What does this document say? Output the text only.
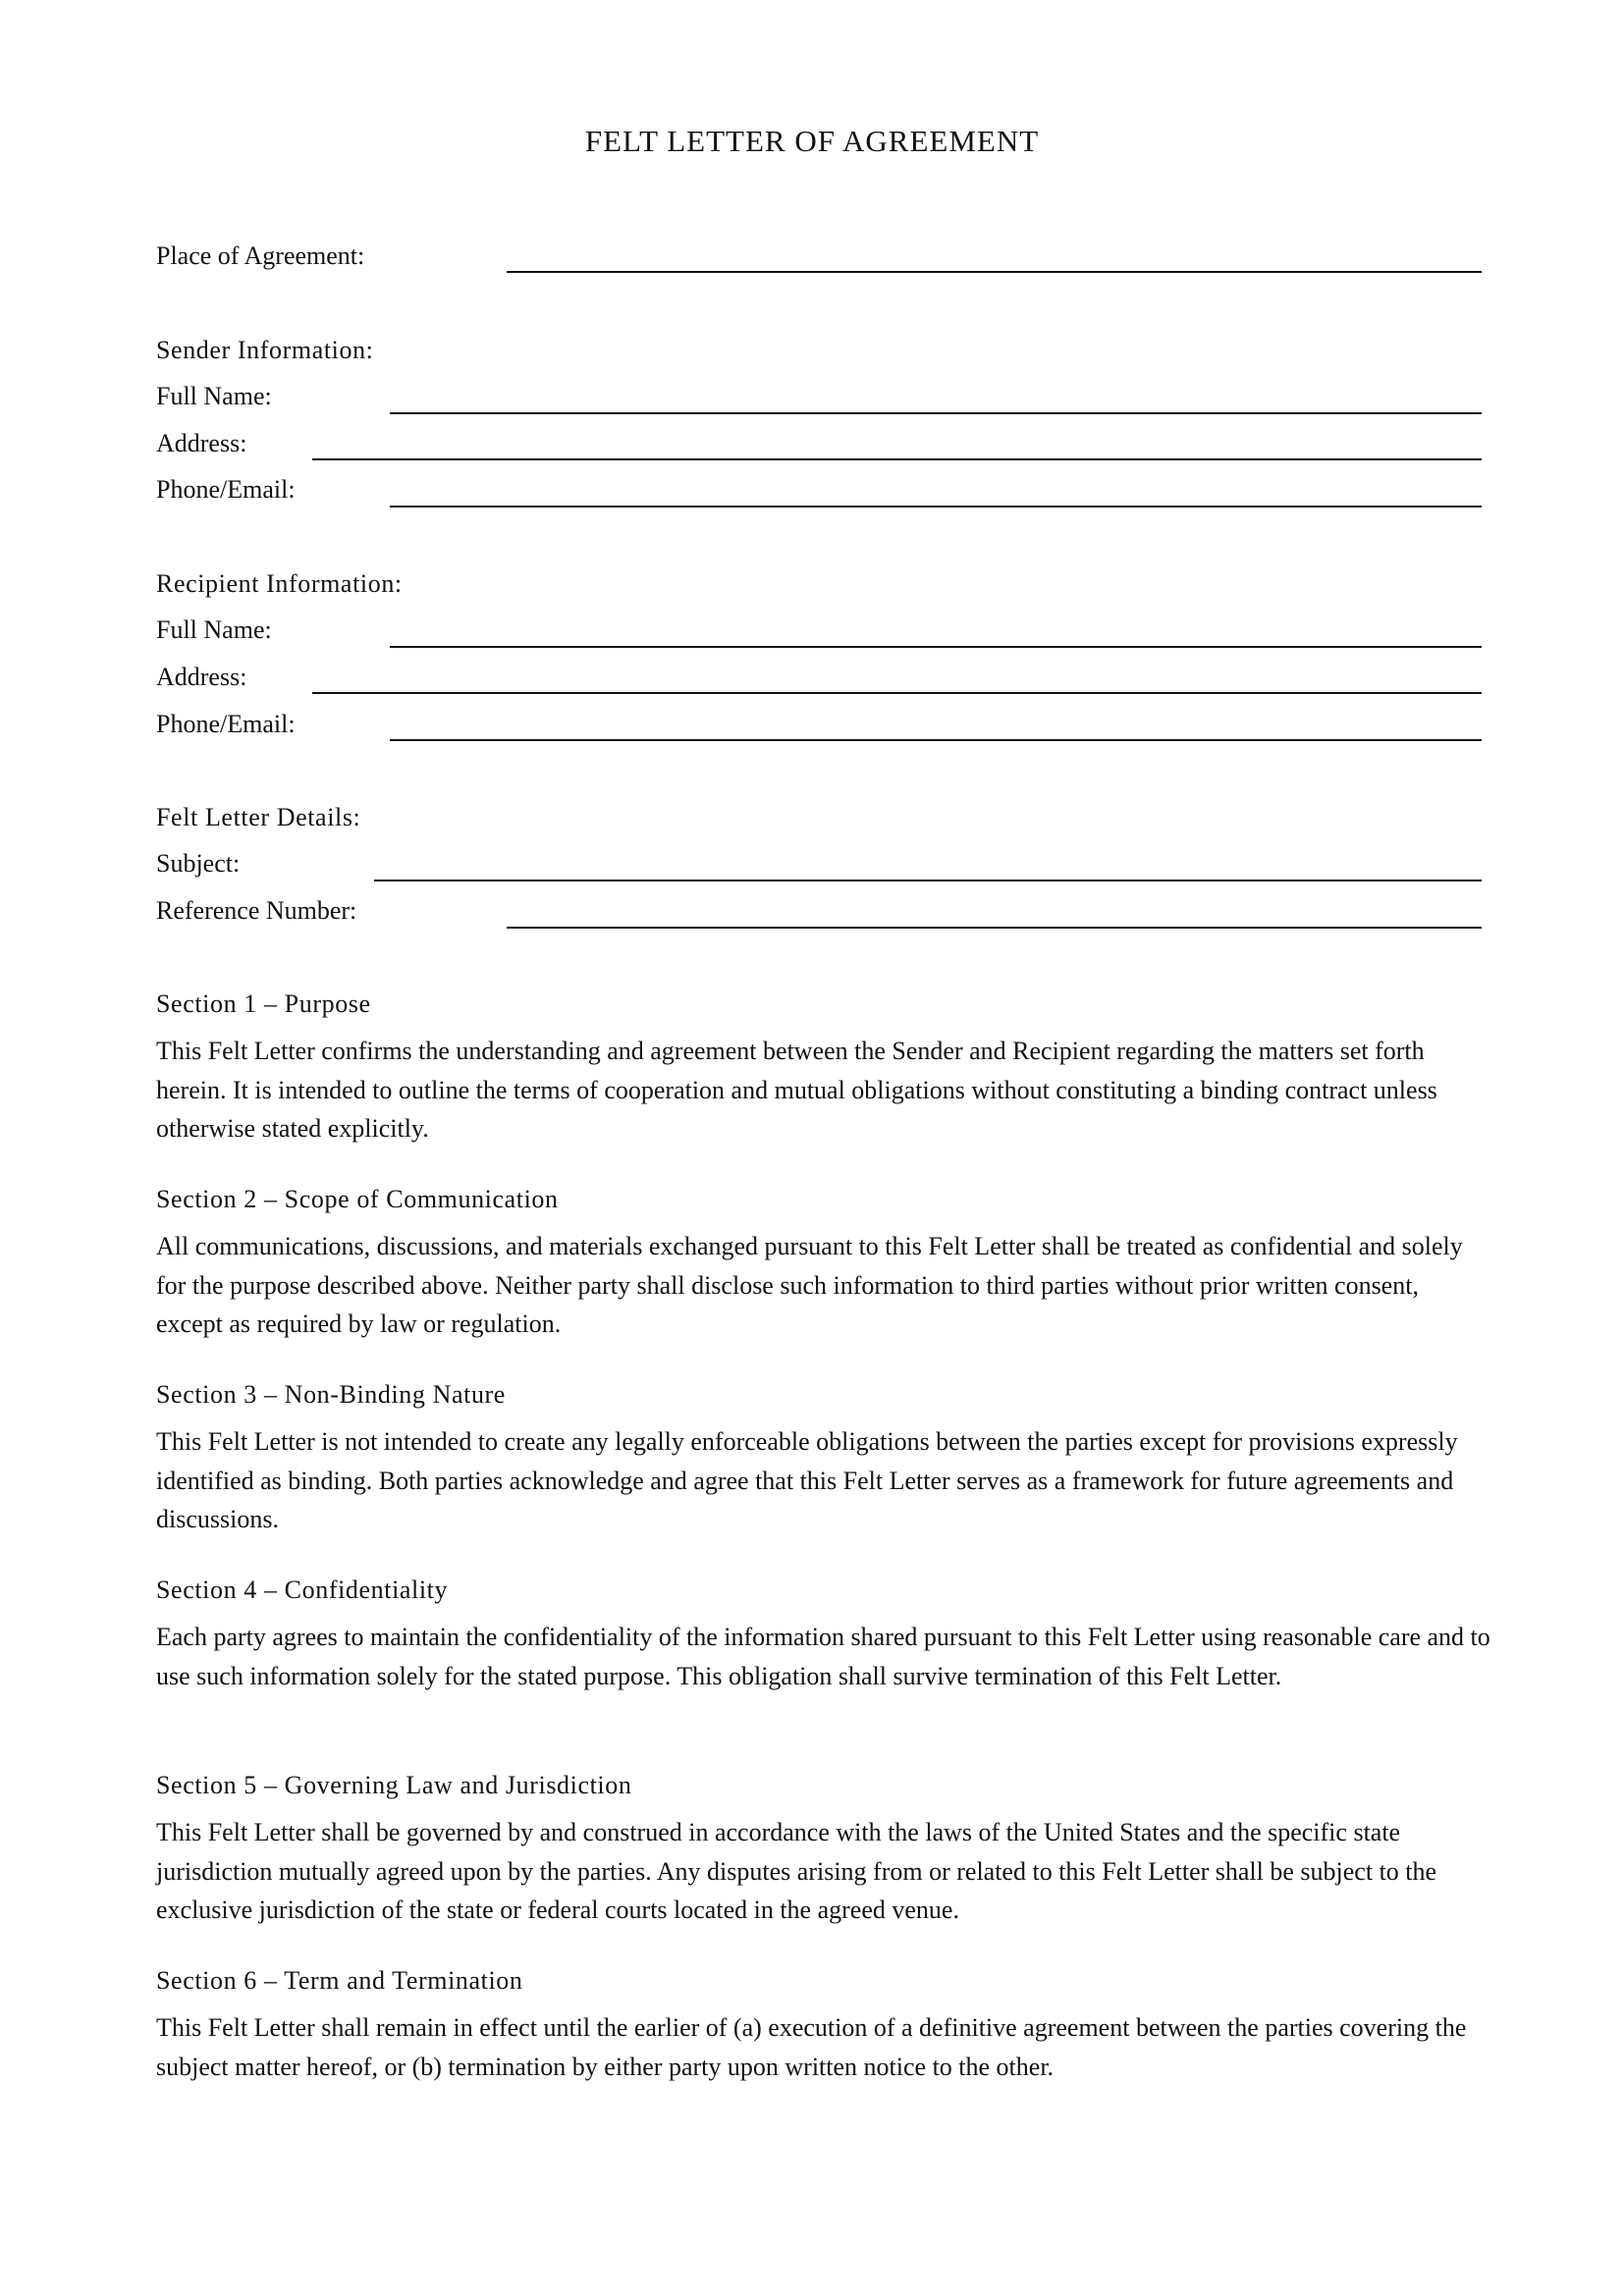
FELT LETTER OF AGREEMENT
Place of Agreement:
Sender Information:
Full Name:
Address:
Phone/Email:
Recipient Information:
Full Name:
Address:
Phone/Email:
Felt Letter Details:
Subject:
Reference Number:
Section 1 – Purpose

This Felt Letter confirms the understanding and agreement between the Sender and Recipient regarding the matters set forth herein. It is intended to outline the terms of cooperation and mutual obligations without constituting a binding contract unless otherwise stated explicitly.

Section 2 – Scope of Communication

All communications, discussions, and materials exchanged pursuant to this Felt Letter shall be treated as confidential and solely for the purpose described above. Neither party shall disclose such information to third parties without prior written consent, except as required by law or regulation.

Section 3 – Non-Binding Nature

This Felt Letter is not intended to create any legally enforceable obligations between the parties except for provisions expressly identified as binding. Both parties acknowledge and agree that this Felt Letter serves as a framework for future agreements and discussions.

Section 4 – Confidentiality

Each party agrees to maintain the confidentiality of the information shared pursuant to this Felt Letter using reasonable care and to use such information solely for the stated purpose. This obligation shall survive termination of this Felt Letter.

Section 5 – Governing Law and Jurisdiction

This Felt Letter shall be governed by and construed in accordance with the laws of the United States and the specific state jurisdiction mutually agreed upon by the parties. Any disputes arising from or related to this Felt Letter shall be subject to the exclusive jurisdiction of the state or federal courts located in the agreed venue.

Section 6 – Term and Termination

This Felt Letter shall remain in effect until the earlier of (a) execution of a definitive agreement between the parties covering the subject matter hereof, or (b) termination by either party upon written notice to the other.
